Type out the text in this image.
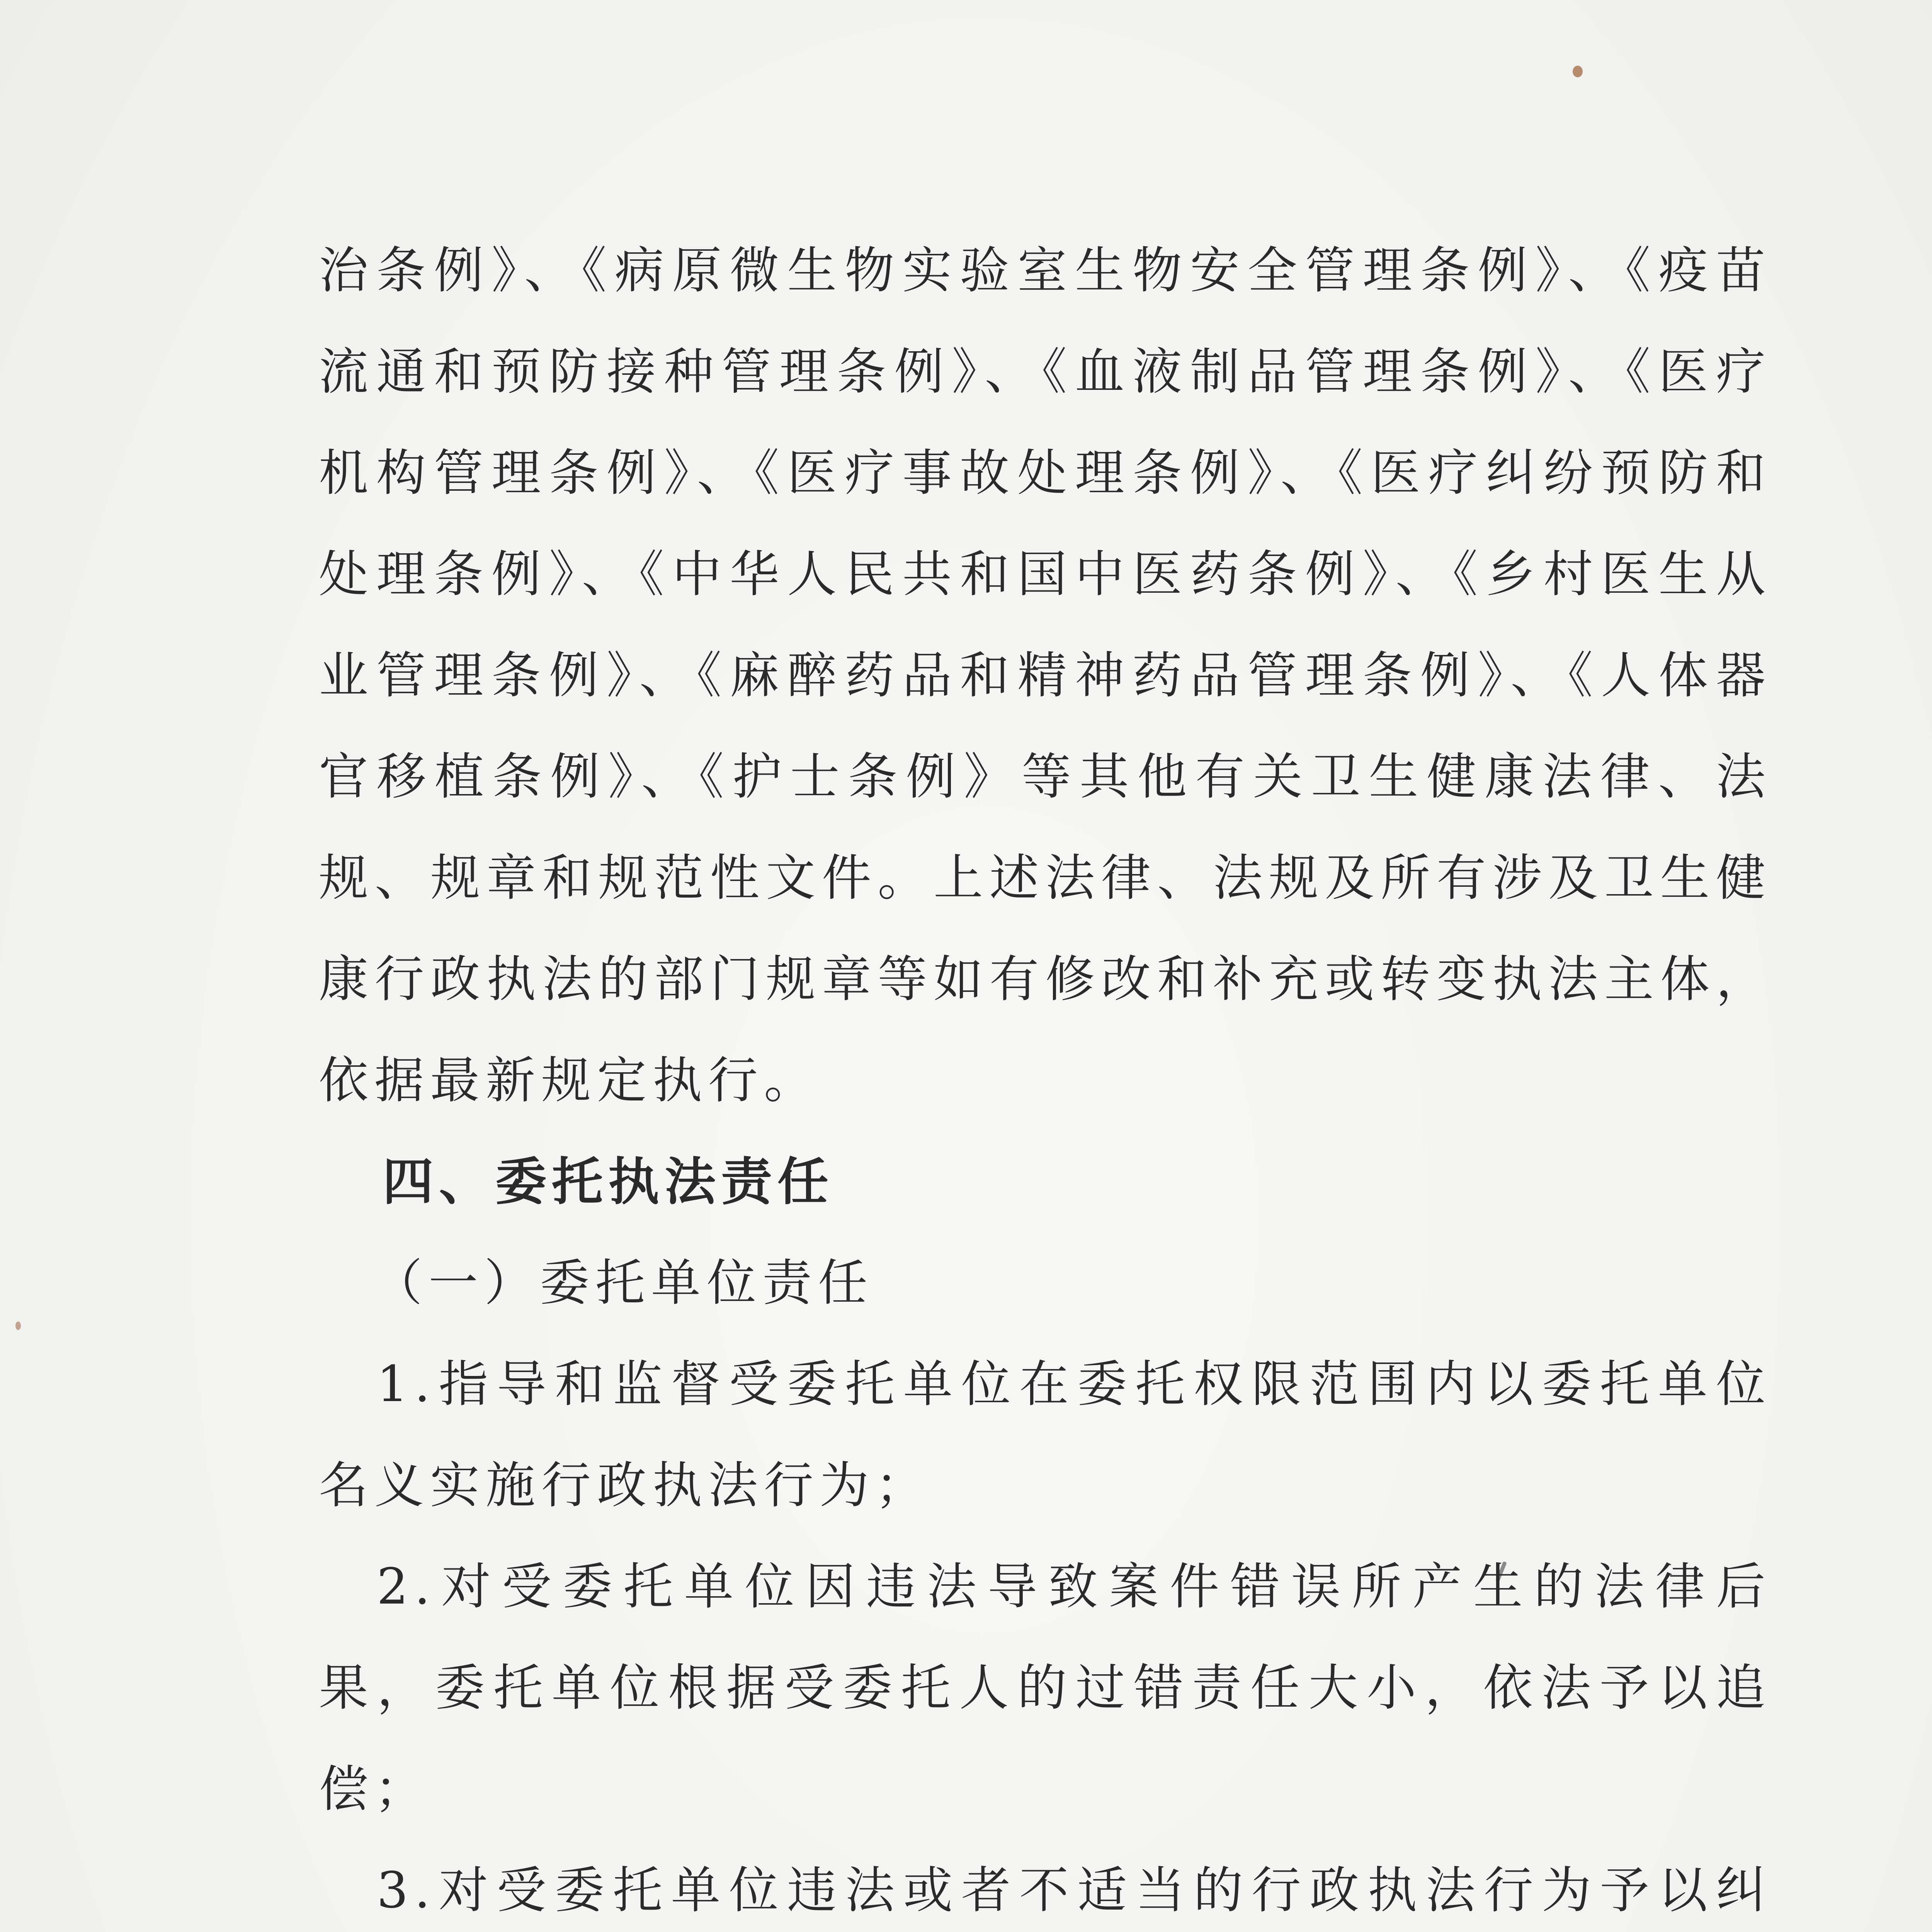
治条例》、《病原微生物实验室生物安全管理条例》、《疫苗流通和预防接种管理条例》、《血液制品管理条例》、《医疗机构管理条例》、《医疗事故处理条例》、《医疗纠纷预防和处理条例》、《中华人民共和国中医药条例》、《乡村医生从业管理条例》、《麻醉药品和精神药品管理条例》、《人体器官移植条例》、《护士条例》等其他有关卫生健康法律、法规、规章和规范性文件。上述法律、法规及所有涉及卫生健康行政执法的部门规章等如有修改和补充或转变执法主体，依据最新规定执行。

四、委托执法责任
（一）委托单位责任

1.指导和监督受委托单位在委托权限范围内以委托单位名义实施行政执法行为；

2.对受委托单位因违法导致案件错误所产生的法律后果，委托单位根据受委托人的过错责任大小，依法予以追偿；

3.对受委托单位违法或者不适当的行政执法行为予以纠
